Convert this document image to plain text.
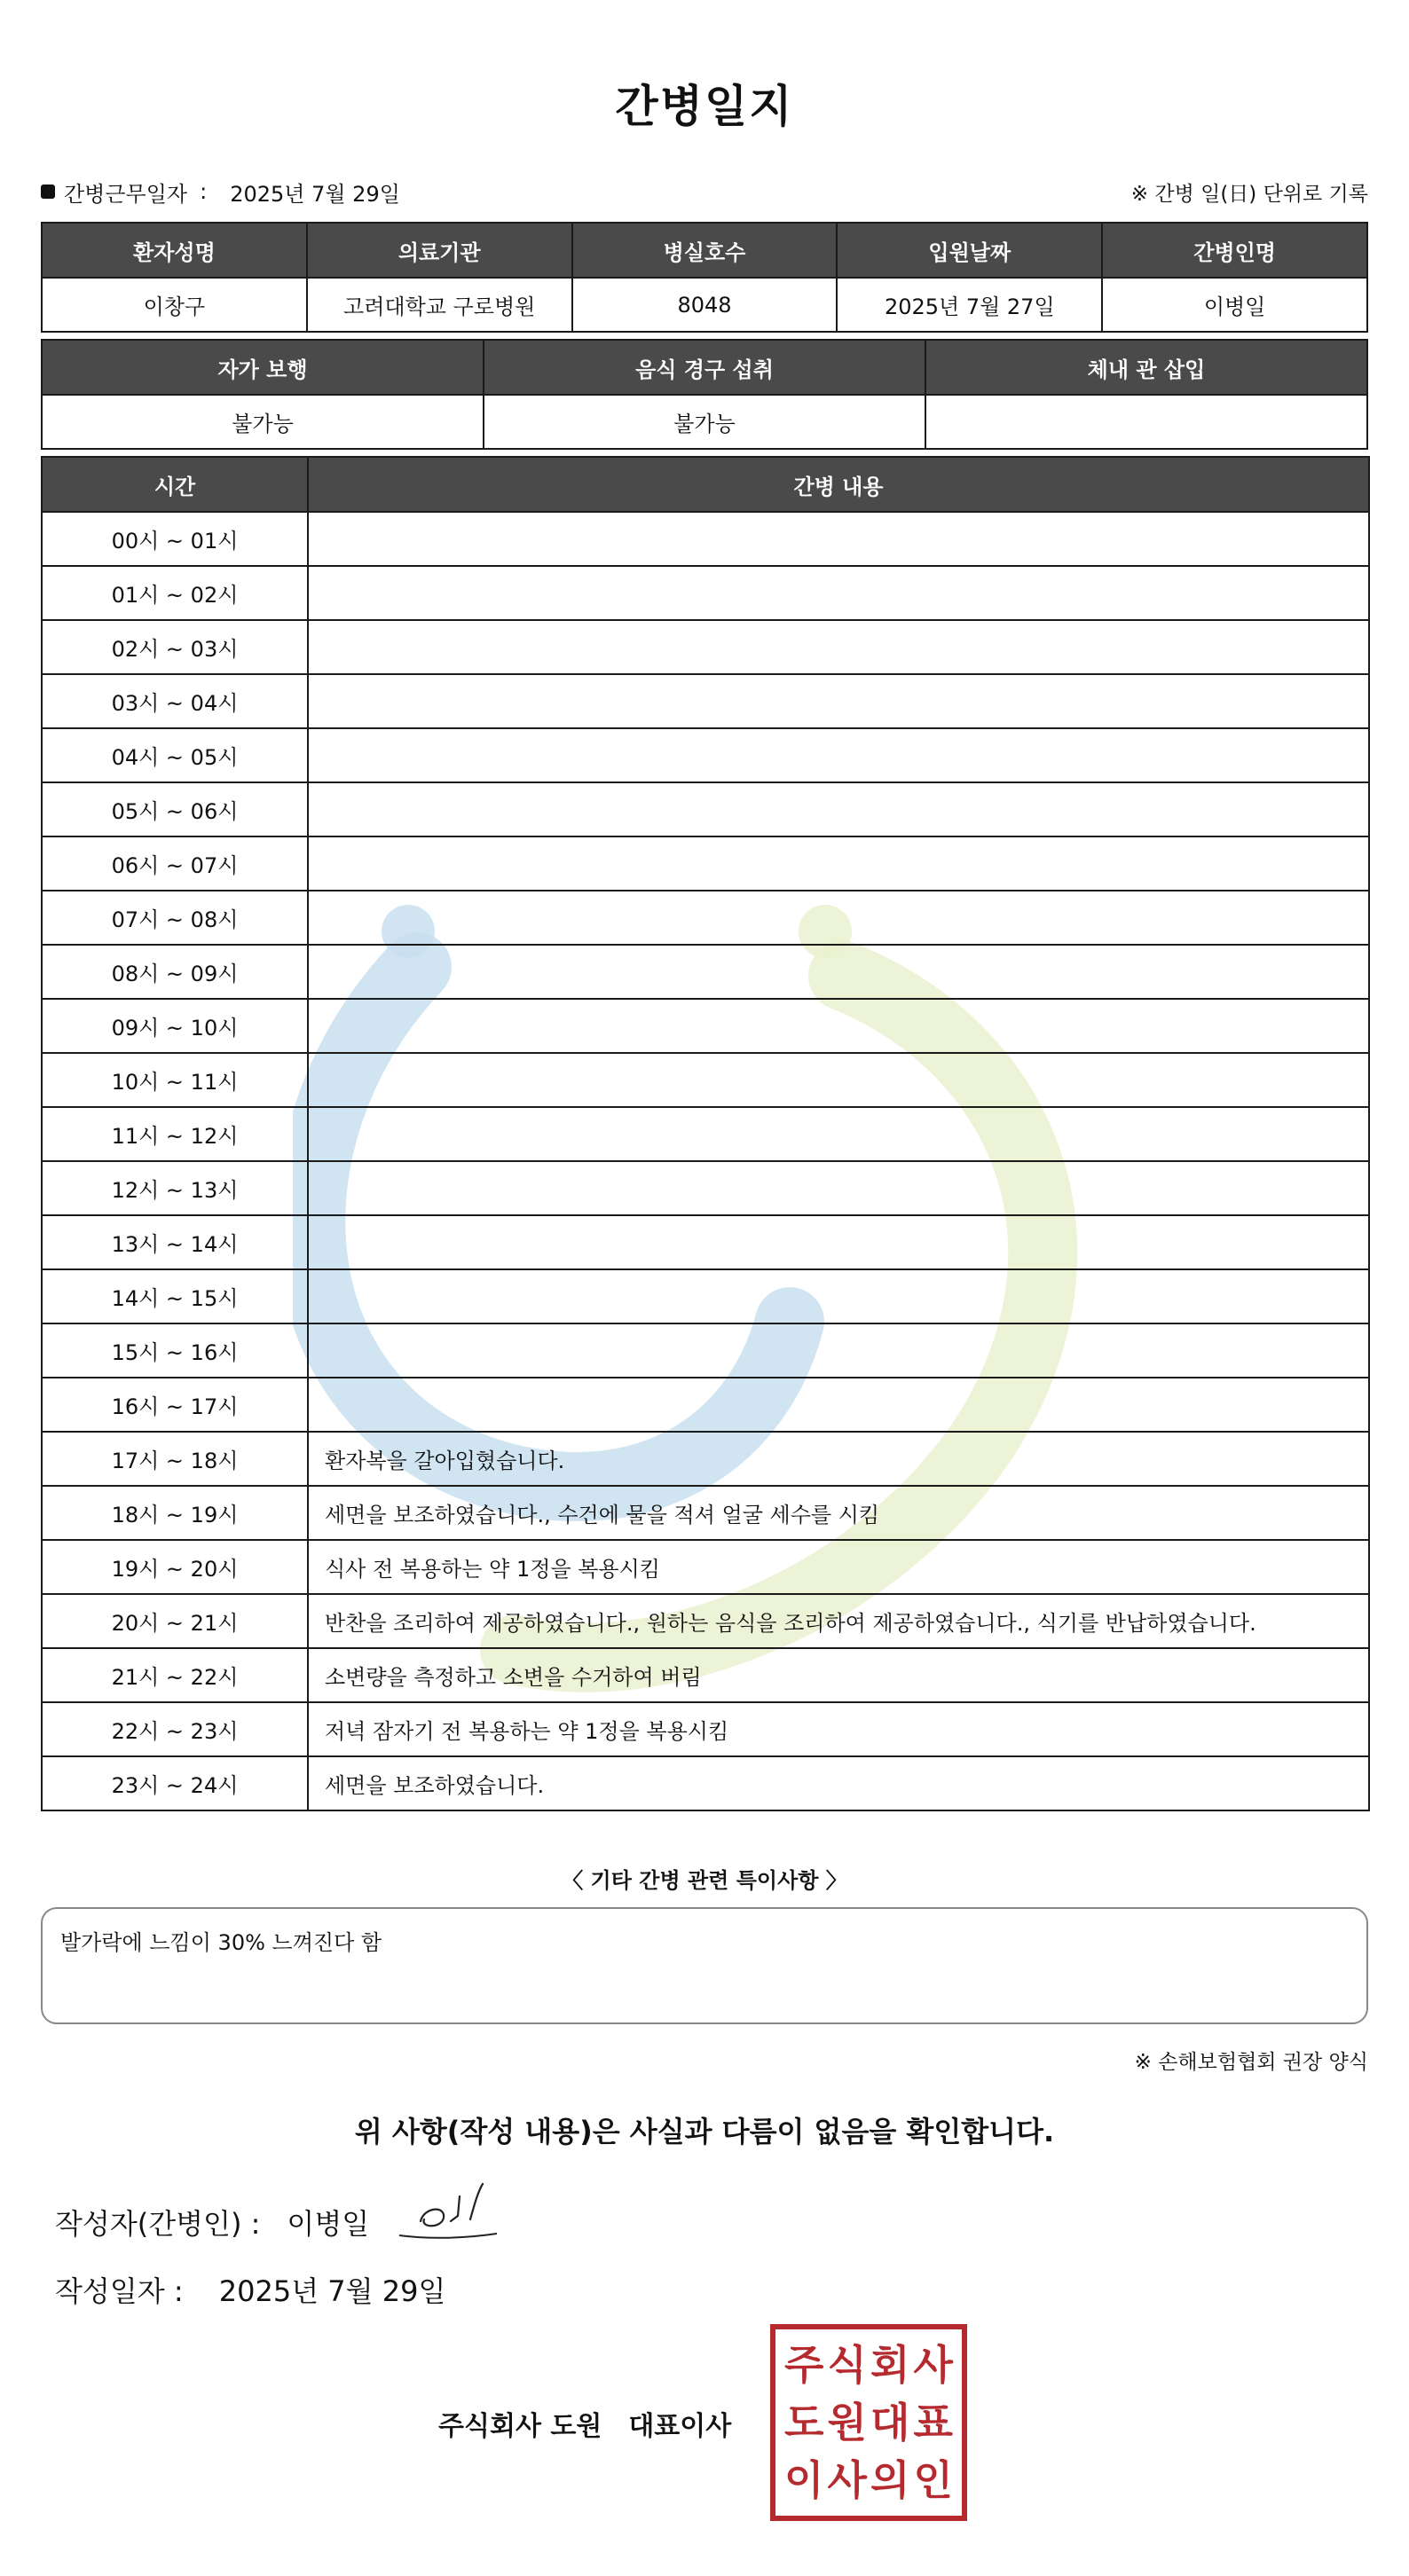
간병일지
간병근무일자 : 2025년 7월 29일	※ 간병 일(日) 단위로 기록
환자성명	의료기관	병실호수	입원날짜	간병인명
이창구	고려대학교 구로병원	8048	2025년 7월 27일	이병일
자가 보행	음식 경구 섭취	체내 관 삽입
불가능	불가능	
시간	간병 내용
00시 ~ 01시	
01시 ~ 02시	
02시 ~ 03시	
03시 ~ 04시	
04시 ~ 05시	
05시 ~ 06시	
06시 ~ 07시	
07시 ~ 08시	
08시 ~ 09시	
09시 ~ 10시	
10시 ~ 11시	
11시 ~ 12시	
12시 ~ 13시	
13시 ~ 14시	
14시 ~ 15시	
15시 ~ 16시	
16시 ~ 17시	
17시 ~ 18시	환자복을 갈아입혔습니다.
18시 ~ 19시	세면을 보조하였습니다., 수건에 물을 적셔 얼굴 세수를 시킴
19시 ~ 20시	식사 전 복용하는 약 1정을 복용시킴
20시 ~ 21시	반찬을 조리하여 제공하였습니다., 원하는 음식을 조리하여 제공하였습니다., 식기를 반납하였습니다.
21시 ~ 22시	소변량을 측정하고 소변을 수거하여 버림
22시 ~ 23시	저녁 잠자기 전 복용하는 약 1정을 복용시킴
23시 ~ 24시	세면을 보조하였습니다.
〈 기타 간병 관련 특이사항 〉
발가락에 느낌이 30% 느껴진다 함
※ 손해보험협회 권장 양식
위 사항(작성 내용)은 사실과 다름이 없음을 확인합니다.
작성자(간병인) : 이병일
작성일자 : 2025년 7월 29일
주식회사 도원 대표이사
주 식 회 사
도 원 대 표
이 사 의 인
